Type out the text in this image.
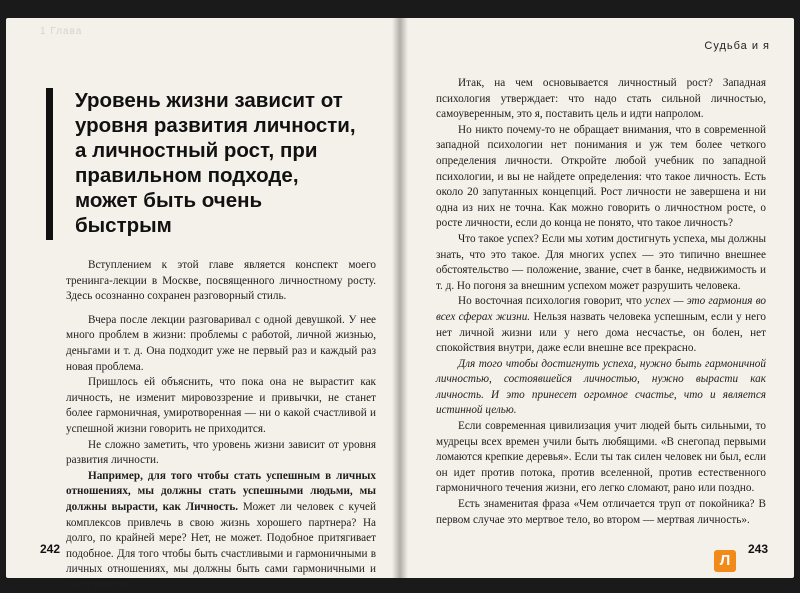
1 Глава
Уровень жизни зависит от уровня развития личности, а личностный рост, при правильном подходе, может быть очень быстрым

Вступлением к этой главе является конспект моего тренинга-лекции в Москве, посвященного личностному росту. Здесь осознанно сохранен разговорный стиль.

Вчера после лекции разговаривал с одной девушкой. У нее много проблем в жизни: проблемы с работой, личной жизнью, деньгами и т. д. Она подходит уже не первый раз и каждый раз новая проблема.

Пришлось ей объяснить, что пока она не вырастит как личность, не изменит мировоззрение и привычки, не станет более гармоничная, умиротворенная — ни о какой счастливой и успешной жизни говорить не приходится.

Не сложно заметить, что уровень жизни зависит от уровня развития личности.

Например, для того чтобы стать успешным в личных отношениях, мы должны стать успешными людьми, мы должны вырасти, как Личность. Может ли человек с кучей комплексов привлечь в свою жизнь хорошего партнера? На долго, по крайней мере? Нет, не может. Подобное притягивает подобное. Для того чтобы быть счастливыми и гармоничными в личных отношениях, мы должны быть сами гармоничными и счастливыми.

242
Судьба и я

Итак, на чем основывается личностный рост? Западная психология утверждает: что надо стать сильной личностью, самоуверенным, это я, поставить цель и идти напролом.

Но никто почему-то не обращает внимания, что в современной западной психологии нет понимания и уж тем более четкого определения личности. Откройте любой учебник по западной психологии, и вы не найдете определения: что такое личность. Есть около 20 запутанных концепций. Рост личности не завершена и ни одна из них не точна. Как можно говорить о личностном росте, о росте личности, если до конца не понято, что такое личность?

Что такое успех? Если мы хотим достигнуть успеха, мы должны знать, что это такое. Для многих успех — это типично внешнее обстоятельство — положение, звание, счет в банке, недвижимость и т. д. Но погоня за внешним успехом может разрушить человека.

Но восточная психология говорит, что успех — это гармония во всех сферах жизни. Нельзя назвать человека успешным, если у него нет личной жизни или у него дома несчастье, он болен, нет спокойствия внутри, даже если внешне все прекрасно.

Для того чтобы достигнуть успеха, нужно быть гармоничной личностью, состоявшейся личностью, нужно вырасти как личность. И это принесет огромное счастье, что и является истинной целью.

Если современная цивилизация учит людей быть сильными, то мудрецы всех времен учили быть любящими. «В снегопад первыми ломаются крепкие деревья». Если ты так силен человек ни был, если он идет против потока, против вселенной, против естественного гармоничного течения жизни, его легко сломают, рано или поздно.

Есть знаменитая фраза «Чем отличается труп от покойника? В первом случае это мертвое тело, во втором — мертвая личность».

243
Л
